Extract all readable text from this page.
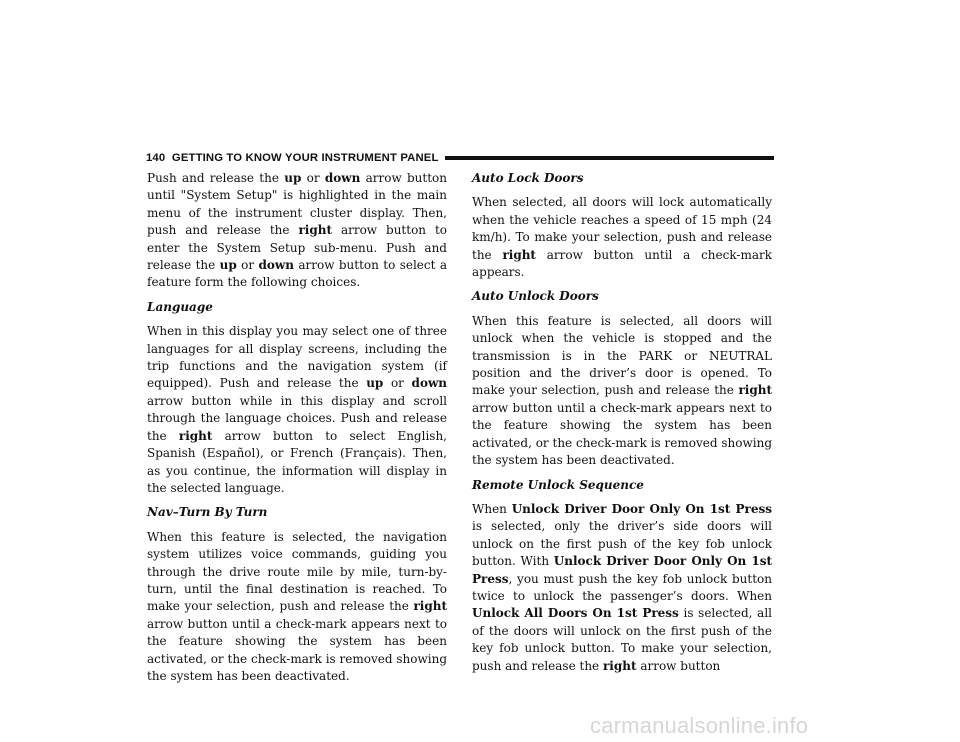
140 GETTING TO KNOW YOUR INSTRUMENT PANEL

Push and release the up or down arrow button until "System Setup" is highlighted in the main menu of the instrument cluster display. Then, push and release the right arrow button to enter the System Setup sub-menu. Push and release the up or down arrow button to select a feature form the following choices.

Language

When in this display you may select one of three languages for all display screens, including the trip functions and the navigation system (if equipped). Push and release the up or down arrow button while in this display and scroll through the language choices. Push and release the right arrow button to select English, Spanish (Español), or French (Français). Then, as you continue, the information will display in the selected language.

Nav–Turn By Turn

When this feature is selected, the navigation system utilizes voice commands, guiding you through the drive route mile by mile, turn-by-turn, until the final destination is reached. To make your selection, push and release the right arrow button until a check-mark appears next to the feature showing the system has been activated, or the check-mark is removed showing the system has been deactivated.

Auto Lock Doors

When selected, all doors will lock automatically when the vehicle reaches a speed of 15 mph (24 km/h). To make your selection, push and release the right arrow button until a check-mark appears.

Auto Unlock Doors

When this feature is selected, all doors will unlock when the vehicle is stopped and the transmission is in the PARK or NEUTRAL position and the driver’s door is opened. To make your selection, push and release the right arrow button until a check-mark appears next to the feature showing the system has been activated, or the check-mark is removed showing the system has been deactivated.

Remote Unlock Sequence

When Unlock Driver Door Only On 1st Press is selected, only the driver’s side doors will unlock on the first push of the key fob unlock button. With Unlock Driver Door Only On 1st Press, you must push the key fob unlock button twice to unlock the passenger’s doors. When Unlock All Doors On 1st Press is selected, all of the doors will unlock on the first push of the key fob unlock button. To make your selection, push and release the right arrow button

carmanualsonline.info
